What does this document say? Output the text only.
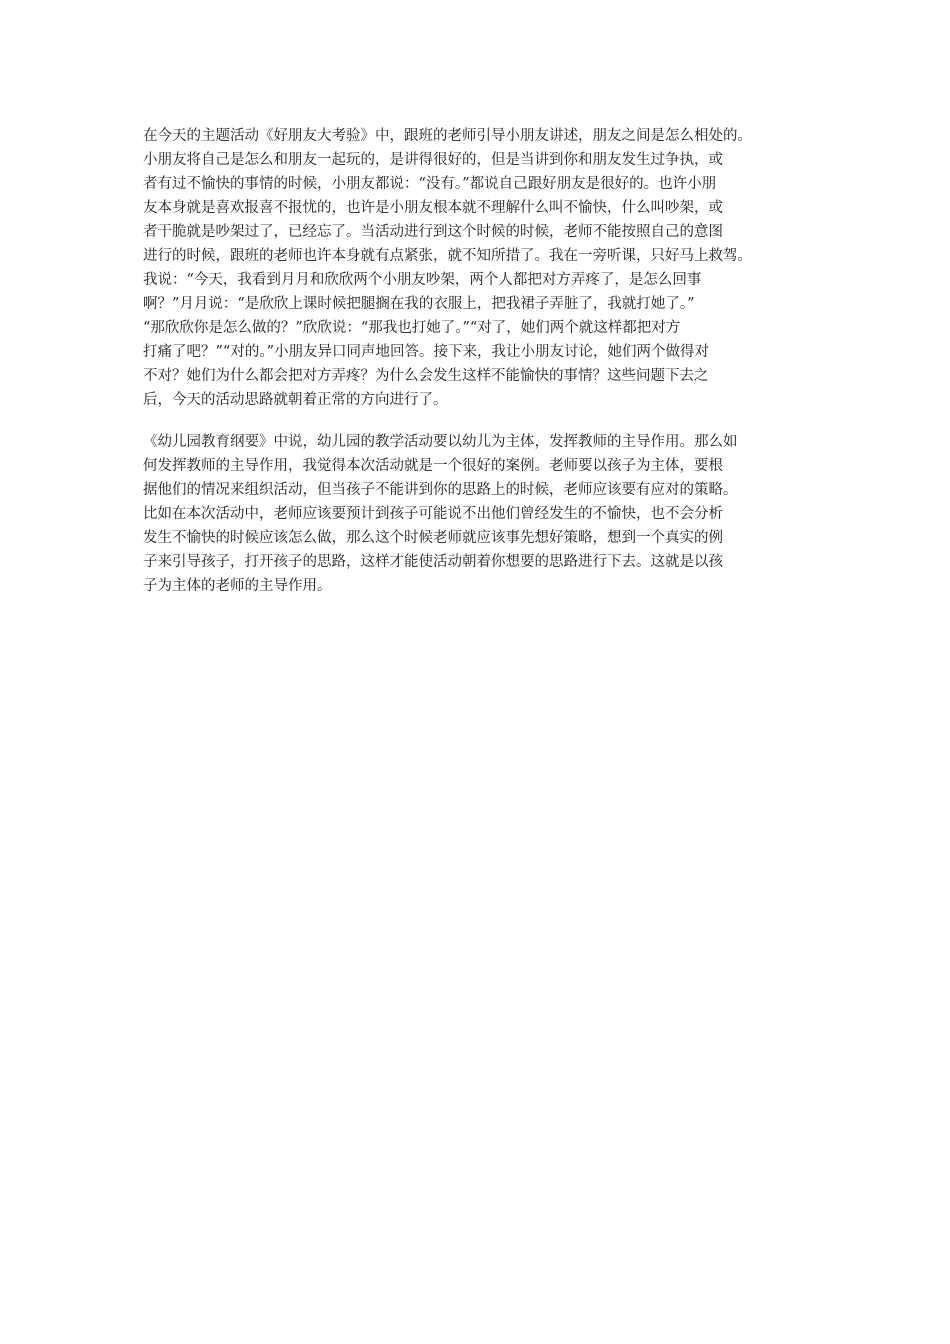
在今天的主题活动《好朋友大考验》中，跟班的老师引导小朋友讲述，朋友之间是怎么相处的。
小朋友将自己是怎么和朋友一起玩的，是讲得很好的，但是当讲到你和朋友发生过争执，或
者有过不愉快的事情的时候，小朋友都说：“没有。”都说自己跟好朋友是很好的。也许小朋
友本身就是喜欢报喜不报忧的，也许是小朋友根本就不理解什么叫不愉快，什么叫吵架，或
者干脆就是吵架过了，已经忘了。当活动进行到这个时候的时候，老师不能按照自己的意图
进行的时候，跟班的老师也许本身就有点紧张，就不知所措了。我在一旁听课，只好马上救驾。
我说：“今天，我看到月月和欣欣两个小朋友吵架，两个人都把对方弄疼了，是怎么回事
啊？”月月说：“是欣欣上课时候把腿搁在我的衣服上，把我裙子弄脏了，我就打她了。”
“那欣欣你是怎么做的？”欣欣说：“那我也打她了。”“对了，她们两个就这样都把对方
打痛了吧？”“对的。”小朋友异口同声地回答。接下来，我让小朋友讨论，她们两个做得对
不对？她们为什么都会把对方弄疼？为什么会发生这样不能愉快的事情？这些问题下去之
后，今天的活动思路就朝着正常的方向进行了。

《幼儿园教育纲要》中说，幼儿园的教学活动要以幼儿为主体，发挥教师的主导作用。那么如
何发挥教师的主导作用，我觉得本次活动就是一个很好的案例。老师要以孩子为主体，要根
据他们的情况来组织活动，但当孩子不能讲到你的思路上的时候，老师应该要有应对的策略。
比如在本次活动中，老师应该要预计到孩子可能说不出他们曾经发生的不愉快，也不会分析
发生不愉快的时候应该怎么做，那么这个时候老师就应该事先想好策略，想到一个真实的例
子来引导孩子，打开孩子的思路，这样才能使活动朝着你想要的思路进行下去。这就是以孩
子为主体的老师的主导作用。
